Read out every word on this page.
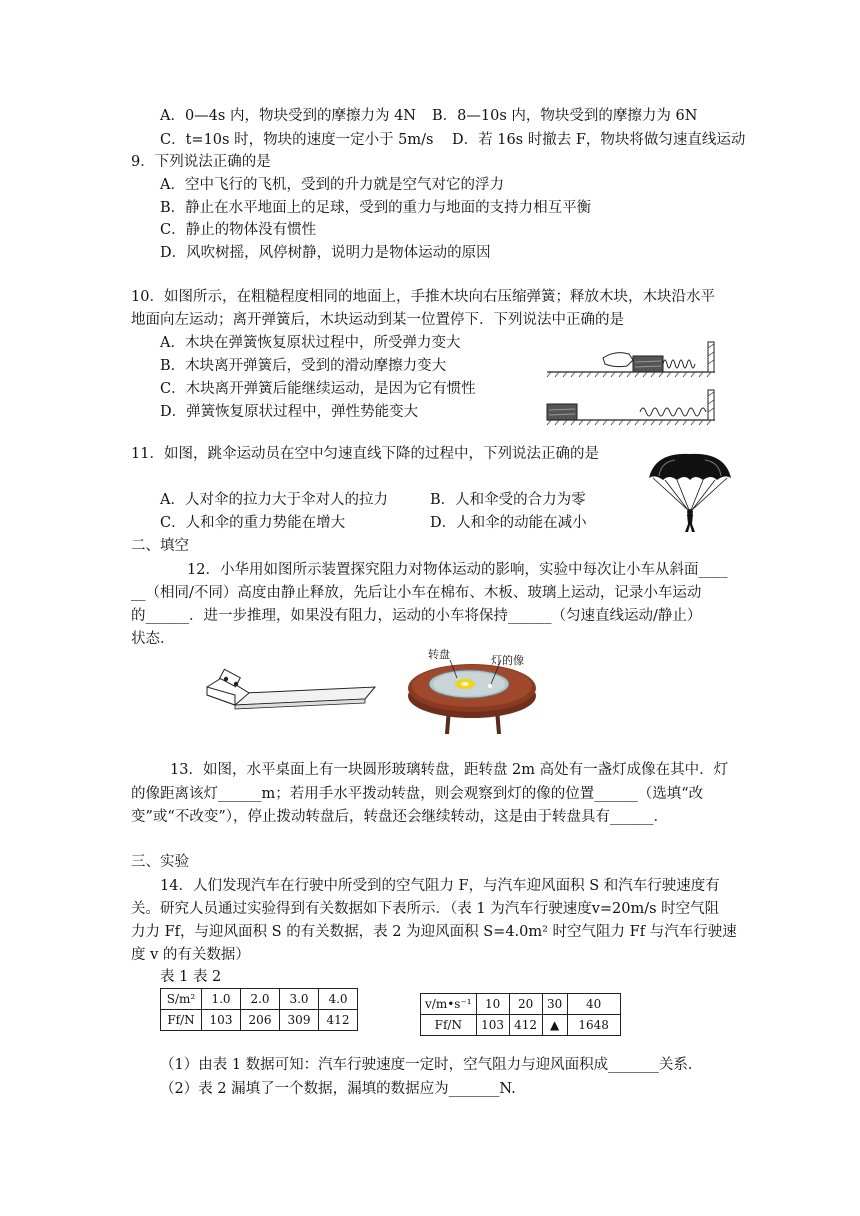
A．0—4s 内，物块受到的摩擦力为 4N B．8—10s 内，物块受到的摩擦力为 6N
C．t=10s 时，物块的速度一定小于 5m/s D．若 16s 时撤去 F，物块将做匀速直线运动
9．下列说法正确的是
A．空中飞行的飞机，受到的升力就是空气对它的浮力
B．静止在水平地面上的足球，受到的重力与地面的支持力相互平衡
C．静止的物体没有惯性
D．风吹树摇，风停树静，说明力是物体运动的原因
10．如图所示，在粗糙程度相同的地面上，手推木块向右压缩弹簧；释放木块，木块沿水平
地面向左运动；离开弹簧后，木块运动到某一位置停下．下列说法中正确的是
A．木块在弹簧恢复原状过程中，所受弹力变大
B．木块离开弹簧后，受到的滑动摩擦力变大
C．木块离开弹簧后能继续运动，是因为它有惯性
D．弹簧恢复原状过程中，弹性势能变大
11．如图，跳伞运动员在空中匀速直线下降的过程中，下列说法正确的是
A．人对伞的拉力大于伞对人的拉力	B．人和伞受的合力为零
C．人和伞的重力势能在增大	D．人和伞的动能在减小
二、填空
12．小华用如图所示装置探究阻力对物体运动的影响，实验中每次让小车从斜面____
__（相同/不同）高度由静止释放，先后让小车在棉布、木板、玻璃上运动，记录小车运动
的______．进一步推理，如果没有阻力，运动的小车将保持______（匀速直线运动/静止）
状态．
转盘	灯的像
13．如图，水平桌面上有一块圆形玻璃转盘，距转盘 2m 高处有一盏灯成像在其中．灯
的像距离该灯______m；若用手水平拨动转盘，则会观察到灯的像的位置______（选填“改
变”或“不改变”），停止拨动转盘后，转盘还会继续转动，这是由于转盘具有______．
三、实验
14．人们发现汽车在行驶中所受到的空气阻力 F，与汽车迎风面积 S 和汽车行驶速度有
关。研究人员通过实验得到有关数据如下表所示．（表 1 为汽车行驶速度v=20m/s 时空气阻
力力 Ff，与迎风面积 S 的有关数据，表 2 为迎风面积 S=4.0m² 时空气阻力 Ff 与汽车行驶速
度 v 的有关数据）
表 1 表 2
S/m²	1.0	2.0	3.0	4.0
Ff/N	103	206	309	412
v/m•s⁻¹	10	20	30	40
Ff/N	103	412	▲	1648
（1）由表 1 数据可知：汽车行驶速度一定时，空气阻力与迎风面积成_______关系．
（2）表 2 漏填了一个数据，漏填的数据应为_______N.
